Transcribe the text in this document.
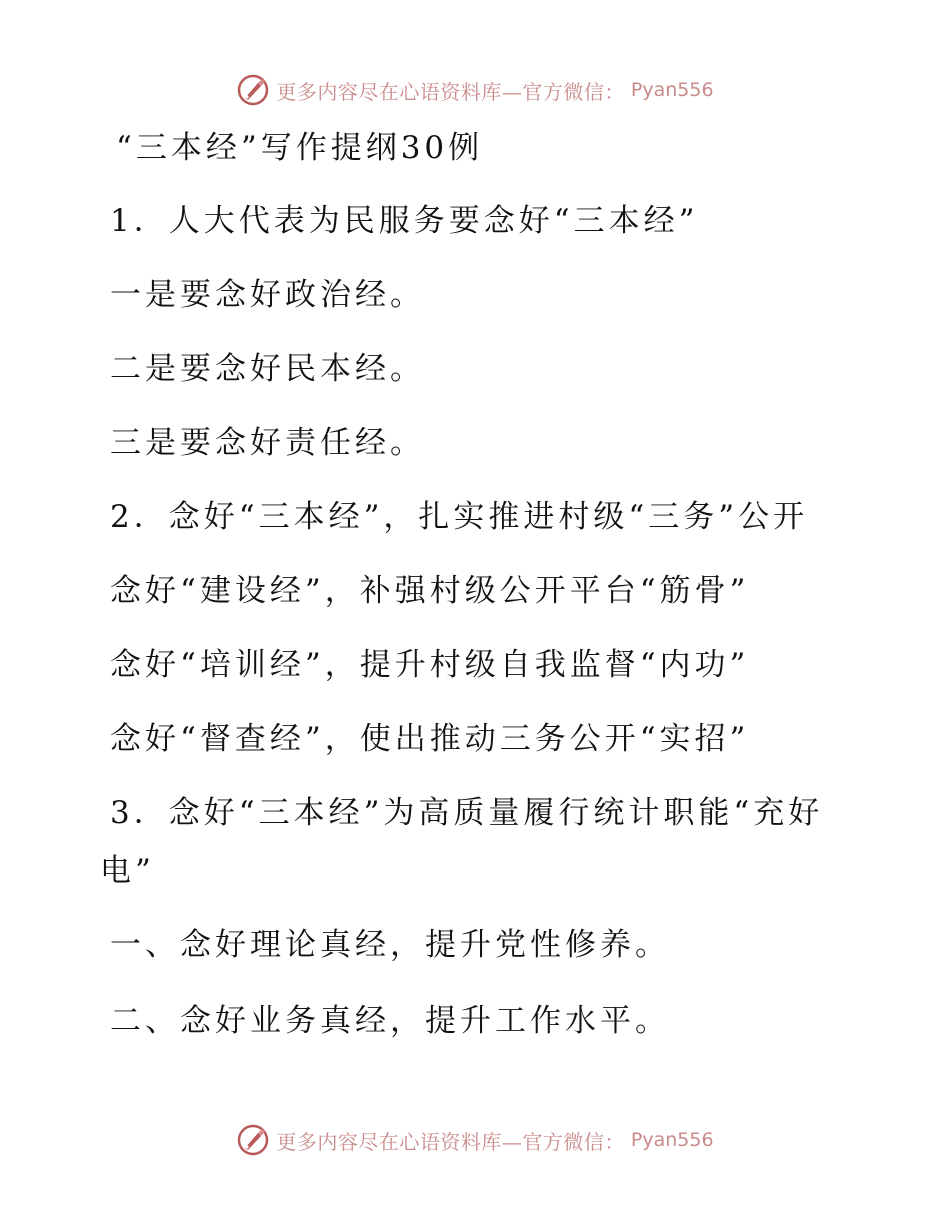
更多内容尽在心语资料库—官方微信： Pyan556
“三本经”写作提纲30例
1．人大代表为民服务要念好“三本经”
一是要念好政治经。
二是要念好民本经。
三是要念好责任经。
2．念好“三本经”，扎实推进村级“三务”公开
念好“建设经”，补强村级公开平台“筋骨”
念好“培训经”，提升村级自我监督“内功”
念好“督查经”，使出推动三务公开“实招”
3．念好“三本经”为高质量履行统计职能“充好
电”
一、念好理论真经，提升党性修养。
二、念好业务真经，提升工作水平。
更多内容尽在心语资料库—官方微信： Pyan556
